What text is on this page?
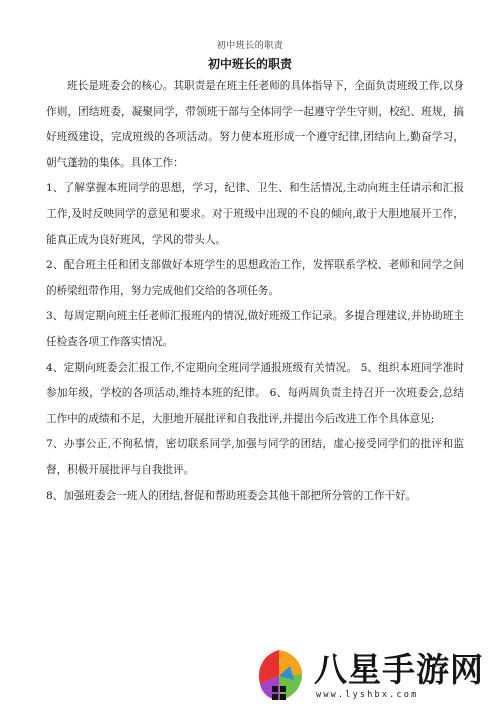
初中班长的职责
初中班长的职责

班长是班委会的核心。其职责是在班主任老师的具体指导下，全面负责班级工作,以身作则，团结班委，凝聚同学，带领班干部与全体同学一起遵守学生守则，校纪、班规，搞好班级建设，完成班级的各项活动。努力使本班形成一个遵守纪律,团结向上,勤奋学习，朝气蓬勃的集体。具体工作：

1、了解掌握本班同学的思想，学习，纪律、卫生、和生活情况,主动向班主任请示和汇报工作,及时反映同学的意见和要求。对于班级中出现的不良的倾向,敢于大胆地展开工作，能真正成为良好班风，学风的带头人。

2、配合班主任和团支部做好本班学生的思想政治工作，发挥联系学校、老师和同学之间的桥梁纽带作用，努力完成他们交给的各项任务。

3、每周定期向班主任老师汇报班内的情况,做好班级工作记录。多提合理建议,并协助班主任检查各项工作落实情况。

4、定期向班委会汇报工作,不定期向全班同学通报班级有关情况。 5、组织本班同学准时参加年级，学校的各项活动,维持本班的纪律。 6、每两周负责主持召开一次班委会,总结工作中的成绩和不足，大胆地开展批评和自我批评,并提出今后改进工作个具体意见;

7、办事公正,不徇私情，密切联系同学,加强与同学的团结，虚心接受同学们的批评和监督，积极开展批评与自我批评。

8、加强班委会一班人的团结,督促和帮助班委会其他干部把所分管的工作干好。

八星手游网
www.lyshbx.com
